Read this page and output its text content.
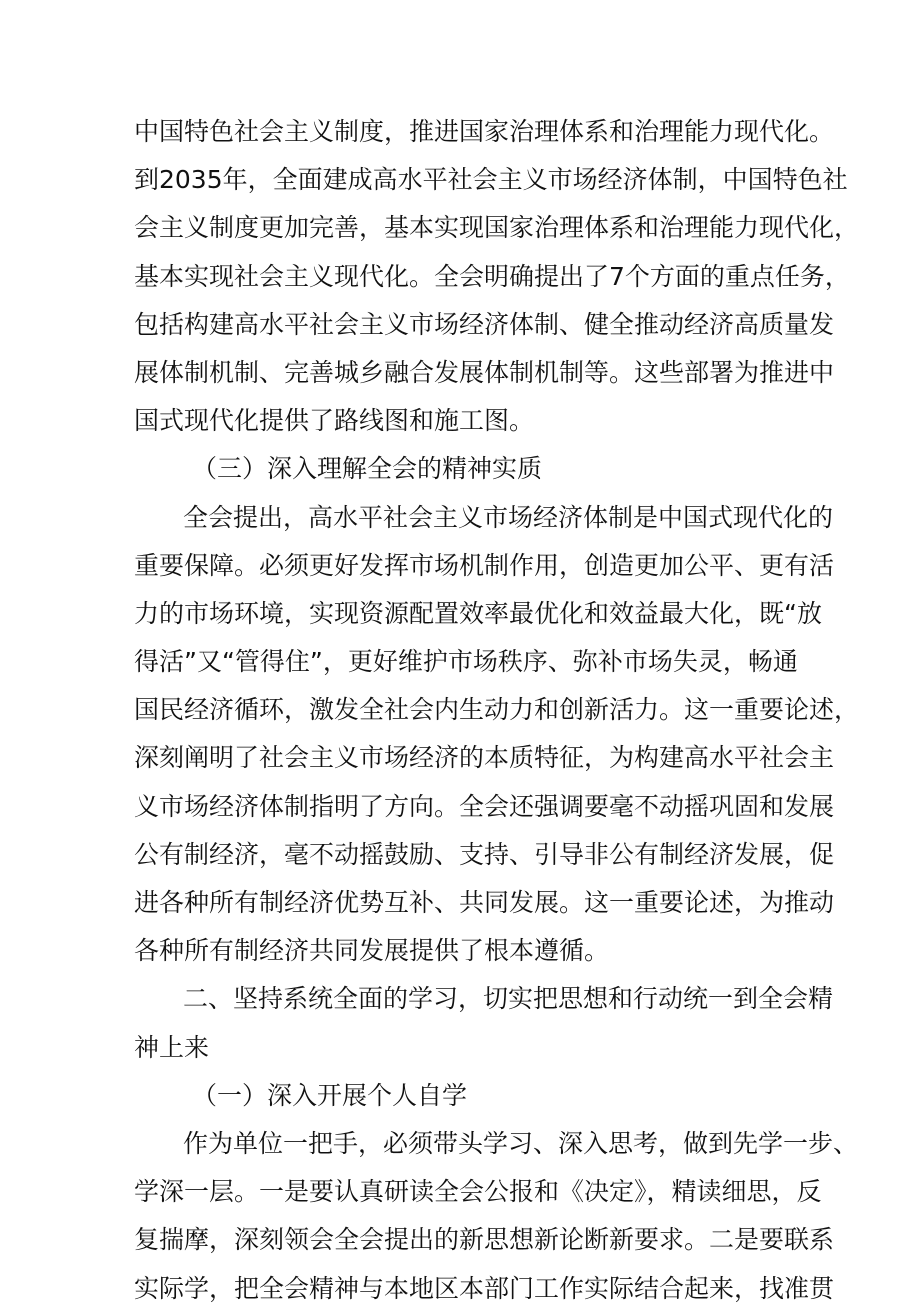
中国特色社会主义制度，推进国家治理体系和治理能力现代化。
到2035年，全面建成高水平社会主义市场经济体制，中国特色社
会主义制度更加完善，基本实现国家治理体系和治理能力现代化，
基本实现社会主义现代化。全会明确提出了7个方面的重点任务，
包括构建高水平社会主义市场经济体制、健全推动经济高质量发
展体制机制、完善城乡融合发展体制机制等。这些部署为推进中
国式现代化提供了路线图和施工图。
（三）深入理解全会的精神实质
全会提出，高水平社会主义市场经济体制是中国式现代化的
重要保障。必须更好发挥市场机制作用，创造更加公平、更有活
力的市场环境，实现资源配置效率最优化和效益最大化，既“放
得活”又“管得住”，更好维护市场秩序、弥补市场失灵，畅通
国民经济循环，激发全社会内生动力和创新活力。这一重要论述，
深刻阐明了社会主义市场经济的本质特征，为构建高水平社会主
义市场经济体制指明了方向。全会还强调要毫不动摇巩固和发展
公有制经济，毫不动摇鼓励、支持、引导非公有制经济发展，促
进各种所有制经济优势互补、共同发展。这一重要论述，为推动
各种所有制经济共同发展提供了根本遵循。
二、坚持系统全面的学习，切实把思想和行动统一到全会精
神上来
（一）深入开展个人自学
作为单位一把手，必须带头学习、深入思考，做到先学一步、
学深一层。一是要认真研读全会公报和《决定》，精读细思，反
复揣摩，深刻领会全会提出的新思想新论断新要求。二是要联系
实际学，把全会精神与本地区本部门工作实际结合起来，找准贯
